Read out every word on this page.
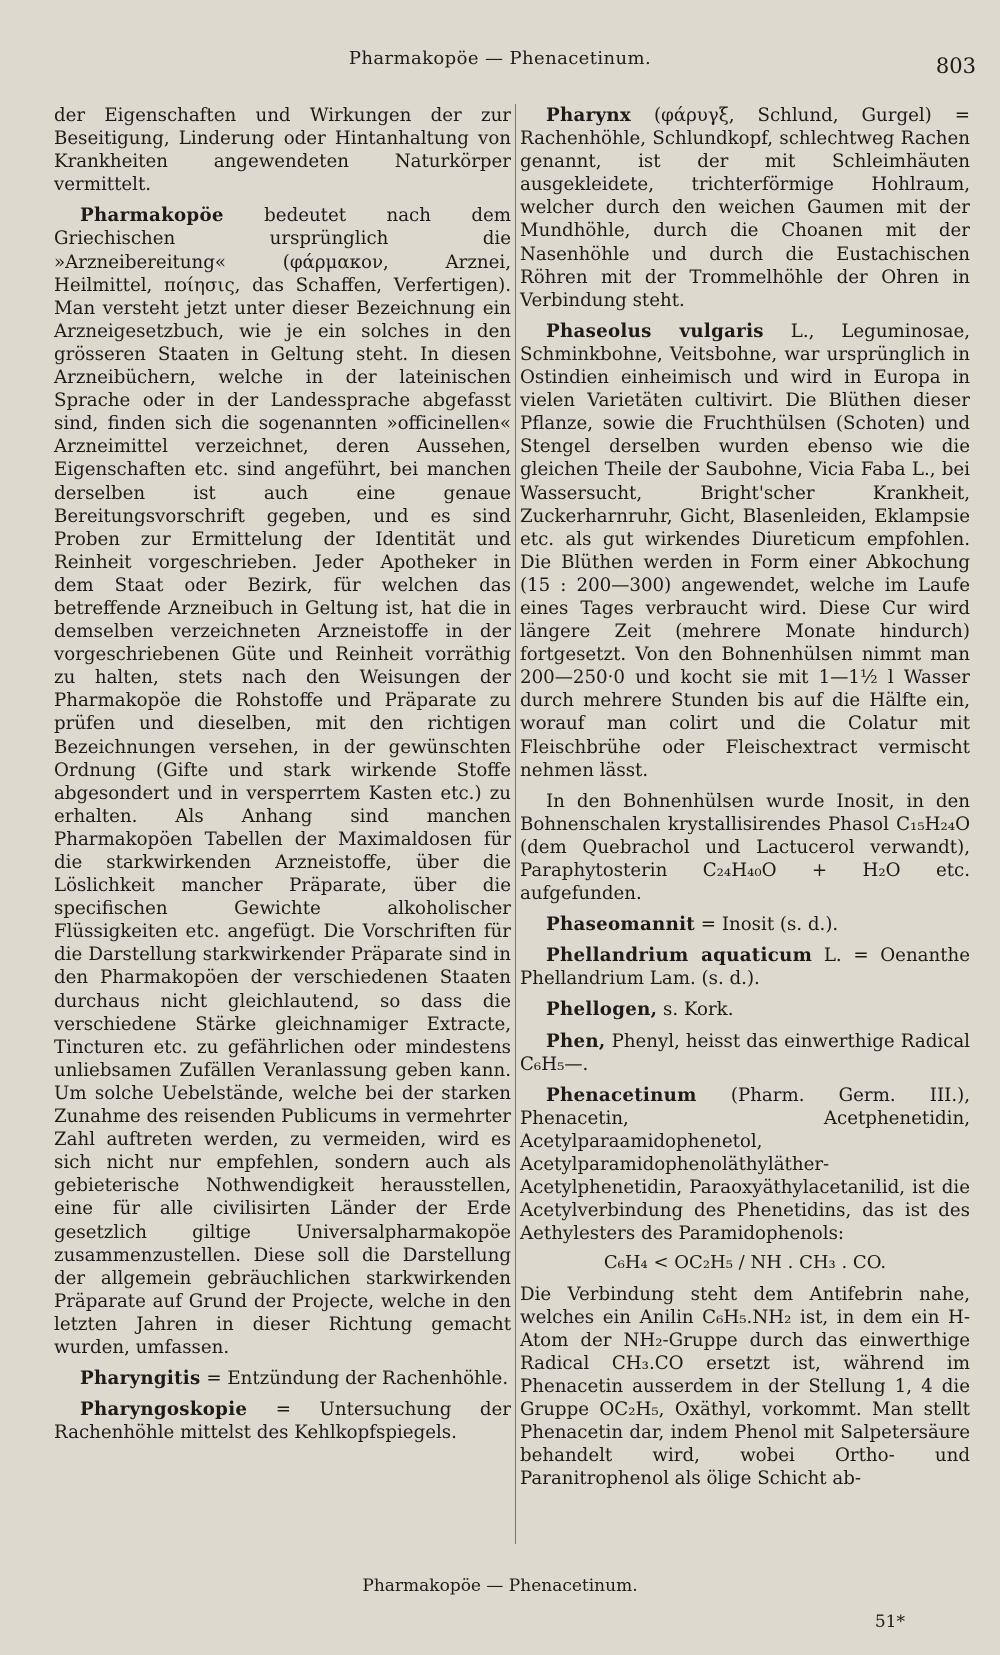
Pharmakopöe — Phenacetinum.	803

der Eigenschaften und Wirkungen der zur Beseitigung, Linderung oder Hintanhaltung von Krankheiten angewendeten Naturkörper vermittelt.

Pharmakopöe bedeutet nach dem Griechischen ursprünglich die »Arzneibereitung« (φάρμακον, Arznei, Heilmittel, ποίησις, das Schaffen, Verfertigen). Man versteht jetzt unter dieser Bezeichnung ein Arzneigesetzbuch, wie je ein solches in den grösseren Staaten in Geltung steht. In diesen Arzneibüchern, welche in der lateinischen Sprache oder in der Landessprache abgefasst sind, finden sich die sogenannten »officinellen« Arzneimittel verzeichnet, deren Aussehen, Eigenschaften etc. sind angeführt, bei manchen derselben ist auch eine genaue Bereitungsvorschrift gegeben, und es sind Proben zur Ermittelung der Identität und Reinheit vorgeschrieben. Jeder Apotheker in dem Staat oder Bezirk, für welchen das betreffende Arzneibuch in Geltung ist, hat die in demselben verzeichneten Arzneistoffe in der vorgeschriebenen Güte und Reinheit vorräthig zu halten, stets nach den Weisungen der Pharmakopöe die Rohstoffe und Präparate zu prüfen und dieselben, mit den richtigen Bezeichnungen versehen, in der gewünschten Ordnung (Gifte und stark wirkende Stoffe abgesondert und in versperrtem Kasten etc.) zu erhalten. Als Anhang sind manchen Pharmakopöen Tabellen der Maximaldosen für die starkwirkenden Arzneistoffe, über die Löslichkeit mancher Präparate, über die specifischen Gewichte alkoholischer Flüssigkeiten etc. angefügt. Die Vorschriften für die Darstellung starkwirkender Präparate sind in den Pharmakopöen der verschiedenen Staaten durchaus nicht gleichlautend, so dass die verschiedene Stärke gleichnamiger Extracte, Tincturen etc. zu gefährlichen oder mindestens unliebsamen Zufällen Veranlassung geben kann. Um solche Uebelstände, welche bei der starken Zunahme des reisenden Publicums in vermehrter Zahl auftreten werden, zu vermeiden, wird es sich nicht nur empfehlen, sondern auch als gebieterische Nothwendigkeit herausstellen, eine für alle civilisirten Länder der Erde gesetzlich giltige Universalpharmakopöe zusammenzustellen. Diese soll die Darstellung der allgemein gebräuchlichen starkwirkenden Präparate auf Grund der Projecte, welche in den letzten Jahren in dieser Richtung gemacht wurden, umfassen.

Pharyngitis = Entzündung der Rachenhöhle.

Pharyngoskopie = Untersuchung der Rachenhöhle mittelst des Kehlkopfspiegels.

Pharynx (φάρυγξ, Schlund, Gurgel) = Rachenhöhle, Schlundkopf, schlechtweg Rachen genannt, ist der mit Schleimhäuten ausgekleidete, trichterförmige Hohlraum, welcher durch den weichen Gaumen mit der Mundhöhle, durch die Choanen mit der Nasenhöhle und durch die Eustachischen Röhren mit der Trommelhöhle der Ohren in Verbindung steht.

Phaseolus vulgaris L., Leguminosae, Schminkbohne, Veitsbohne, war ursprünglich in Ostindien einheimisch und wird in Europa in vielen Varietäten cultivirt. Die Blüthen dieser Pflanze, sowie die Fruchthülsen (Schoten) und Stengel derselben wurden ebenso wie die gleichen Theile der Saubohne, Vicia Faba L., bei Wassersucht, Bright'scher Krankheit, Zuckerharnruhr, Gicht, Blasenleiden, Eklampsie etc. als gut wirkendes Diureticum empfohlen. Die Blüthen werden in Form einer Abkochung (15 : 200—300) angewendet, welche im Laufe eines Tages verbraucht wird. Diese Cur wird längere Zeit (mehrere Monate hindurch) fortgesetzt. Von den Bohnenhülsen nimmt man 200—250·0 und kocht sie mit 1—1½ l Wasser durch mehrere Stunden bis auf die Hälfte ein, worauf man colirt und die Colatur mit Fleischbrühe oder Fleischextract vermischt nehmen lässt.

In den Bohnenhülsen wurde Inosit, in den Bohnenschalen krystallisirendes Phasol C₁₅H₂₄O (dem Quebrachol und Lactucerol verwandt), Paraphytosterin C₂₄H₄₀O + H₂O etc. aufgefunden.

Phaseomannit = Inosit (s. d.).

Phellandrium aquaticum L. = Oenanthe Phellandrium Lam. (s. d.).

Phellogen, s. Kork.

Phen, Phenyl, heisst das einwerthige Radical C₆H₅—.

Phenacetinum (Pharm. Germ. III.), Phenacetin, Acetphenetidin, Acetylparaamidophenetol, Acetylparamidophenoläthyläther-Acetylphenetidin, Paraoxyäthylacetanilid, ist die Acetylverbindung des Phenetidins, das ist des Aethylesters des Paramidophenols:

C₆H₄ < OC₂H₅ / NH . CH₃ . CO.

Die Verbindung steht dem Antifebrin nahe, welches ein Anilin C₆H₅.NH₂ ist, in dem ein H-Atom der NH₂-Gruppe durch das einwerthige Radical CH₃.CO ersetzt ist, während im Phenacetin ausserdem in der Stellung 1, 4 die Gruppe OC₂H₅, Oxäthyl, vorkommt. Man stellt Phenacetin dar, indem Phenol mit Salpetersäure behandelt wird, wobei Ortho- und Paranitrophenol als ölige Schicht ab-

Pharmakopöe — Phenacetinum.
51*
